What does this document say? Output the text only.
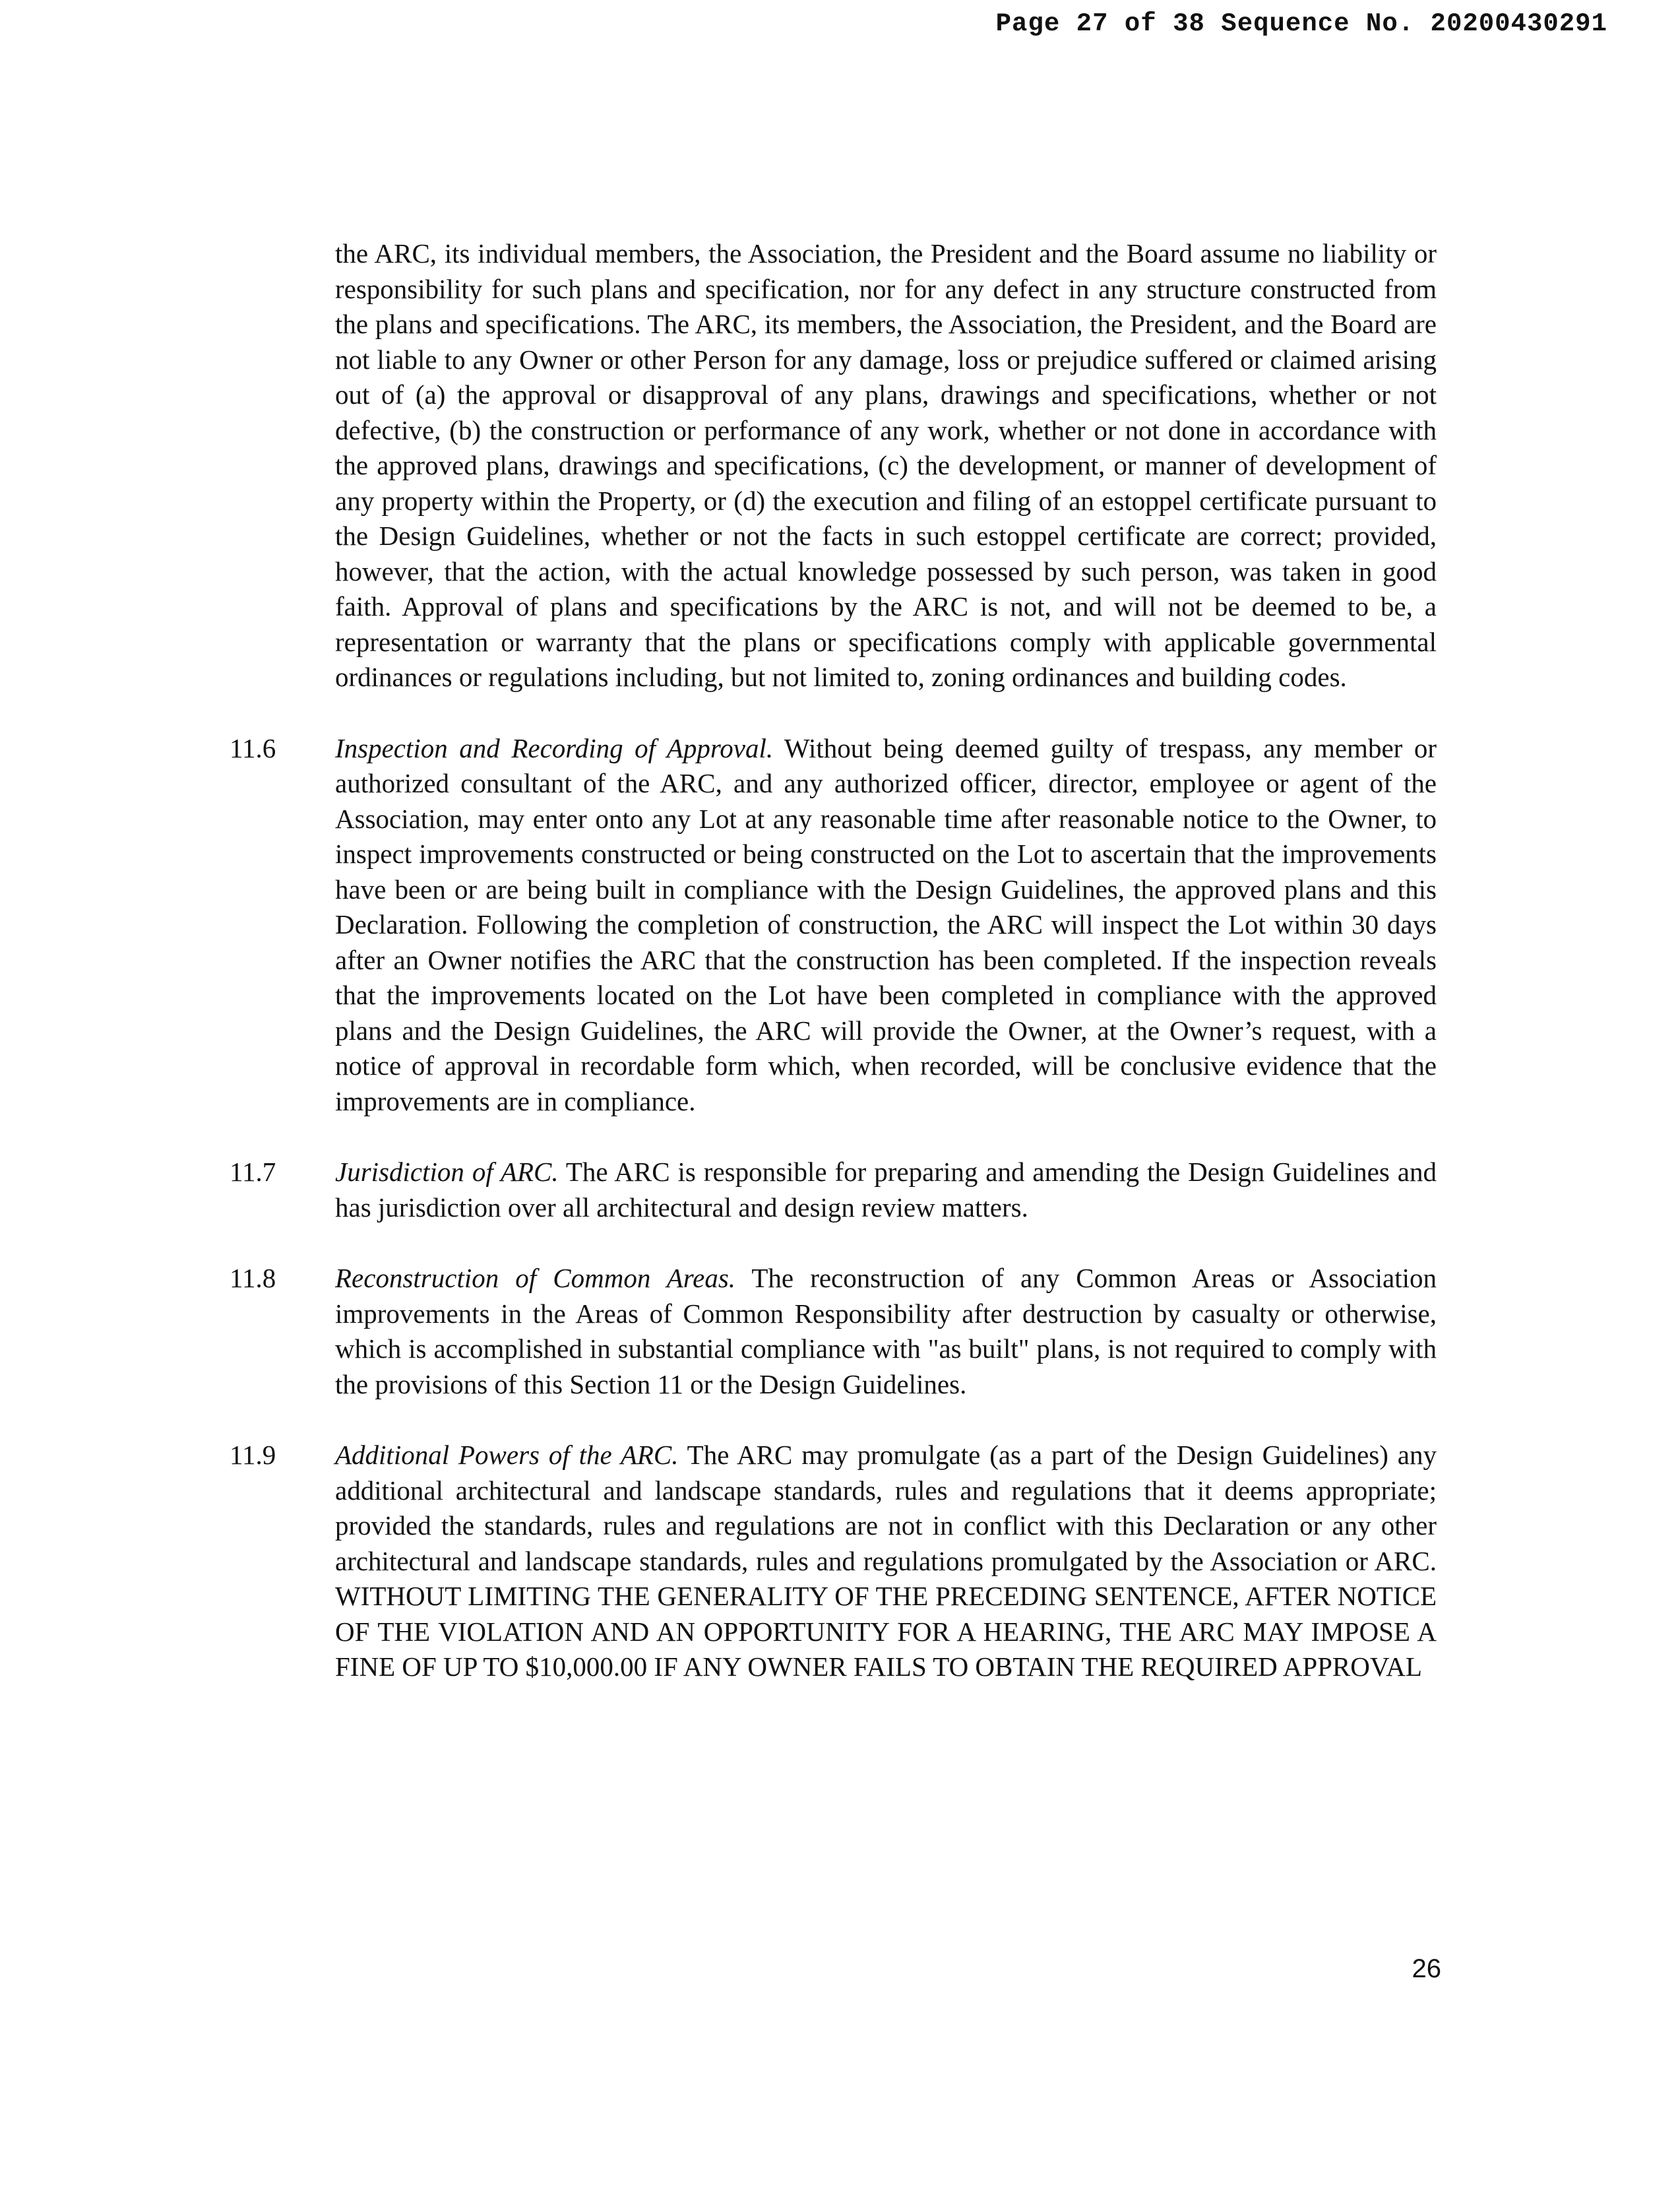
Page 27 of 38 Sequence No. 20200430291

the ARC, its individual members, the Association, the President and the Board assume no liability or responsibility for such plans and specification, nor for any defect in any structure constructed from the plans and specifications. The ARC, its members, the Association, the President, and the Board are not liable to any Owner or other Person for any damage, loss or prejudice suffered or claimed arising out of (a) the approval or disapproval of any plans, drawings and specifications, whether or not defective, (b) the construction or performance of any work, whether or not done in accordance with the approved plans, drawings and specifications, (c) the development, or manner of development of any property within the Property, or (d) the execution and filing of an estoppel certificate pursuant to the Design Guidelines, whether or not the facts in such estoppel certificate are correct; provided, however, that the action, with the actual knowledge possessed by such person, was taken in good faith. Approval of plans and specifications by the ARC is not, and will not be deemed to be, a representation or warranty that the plans or specifications comply with applicable governmental ordinances or regulations including, but not limited to, zoning ordinances and building codes.

11.6	Inspection and Recording of Approval. Without being deemed guilty of trespass, any member or authorized consultant of the ARC, and any authorized officer, director, employee or agent of the Association, may enter onto any Lot at any reasonable time after reasonable notice to the Owner, to inspect improvements constructed or being constructed on the Lot to ascertain that the improvements have been or are being built in compliance with the Design Guidelines, the approved plans and this Declaration. Following the completion of construction, the ARC will inspect the Lot within 30 days after an Owner notifies the ARC that the construction has been completed. If the inspection reveals that the improvements located on the Lot have been completed in compliance with the approved plans and the Design Guidelines, the ARC will provide the Owner, at the Owner’s request, with a notice of approval in recordable form which, when recorded, will be conclusive evidence that the improvements are in compliance.
11.7	Jurisdiction of ARC. The ARC is responsible for preparing and amending the Design Guidelines and has jurisdiction over all architectural and design review matters.
11.8	Reconstruction of Common Areas. The reconstruction of any Common Areas or Association improvements in the Areas of Common Responsibility after destruction by casualty or otherwise, which is accomplished in substantial compliance with "as built" plans, is not required to comply with the provisions of this Section 11 or the Design Guidelines.
11.9	Additional Powers of the ARC. The ARC may promulgate (as a part of the Design Guidelines) any additional architectural and landscape standards, rules and regulations that it deems appropriate; provided the standards, rules and regulations are not in conflict with this Declaration or any other architectural and landscape standards, rules and regulations promulgated by the Association or ARC. WITHOUT LIMITING THE GENERALITY OF THE PRECEDING SENTENCE, AFTER NOTICE OF THE VIOLATION AND AN OPPORTUNITY FOR A HEARING, THE ARC MAY IMPOSE A FINE OF UP TO $10,000.00 IF ANY OWNER FAILS TO OBTAIN THE REQUIRED APPROVAL
26
